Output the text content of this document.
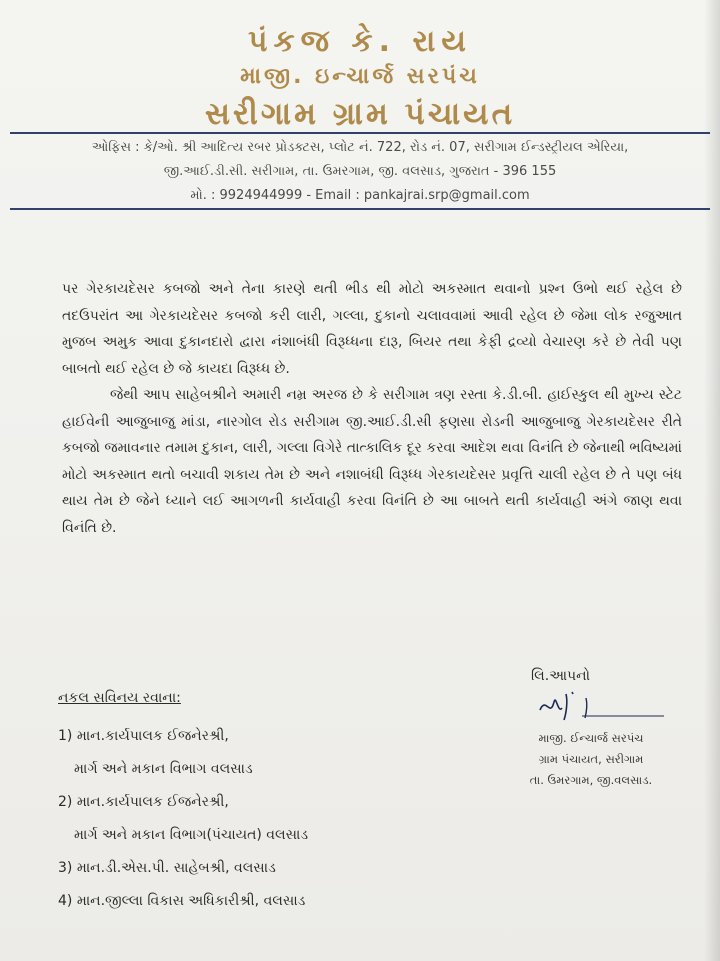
પંકજ કે. રાય
માજી. ઇન્ચાર્જ સરપંચ
સરીગામ ગ્રામ પંચાયત
ઓફિસ : કે/ઓ. શ્રી આદિત્ય રબર પ્રોડક્ટસ, પ્લોટ નં. 722, રોડ નં. 07, સરીગામ ઈન્ડસ્ટ્રીયલ એરિયા,
જી.આઈ.ડી.સી. સરીગામ, તા. ઉમરગામ, જી. વલસાડ, ગુજરાત - 396 155
મો. : 9924944999 - Email : pankajrai.srp@gmail.com

પર ગેરકાયદેસર કબજો અને તેના કારણે થતી ભીડ થી મોટો અકસ્માત થવાનો પ્રશ્ન ઉભો થઈ રહેલ છે તદઉપરાંત આ ગેરકાયદેસર કબજો કરી લારી, ગલ્લા, દુકાનો ચલાવવામાં આવી રહેલ છે જેમા લોક રજુઆત મુજબ અમુક આવા દુકાનદારો દ્વારા નંશાબંધી વિરૂધ્ધના દારૂ, બિયર તથા કેફી દ્રવ્યો વેચારણ કરે છે તેવી પણ બાબતો થઈ રહેલ છે જે કાયદા વિરૂધ્ધ છે.

જેથી આપ સાહેબશ્રીને અમારી નમ્ર અરજ છે કે સરીગામ ત્રણ રસ્તા કે.ડી.બી. હાઈસ્કુલ થી મુખ્ય સ્ટેટ હાઈવેની આજુબાજુ માંડા, નારગોલ રોડ સરીગામ જી.આઈ.ડી.સી ફણસા રોડની આજુબાજુ ગેરકાયદેસર રીતે કબજો જમાવનાર તમામ દુકાન, લારી, ગલ્લા વિગેરે તાત્કાલિક દૂર કરવા આદેશ થવા વિનંતિ છે જેનાથી ભવિષ્યમાં મોટો અકસ્માત થતો બચાવી શકાય તેમ છે અને નશાબંધી વિરૂધ્ધ ગેરકાયદેસર પ્રવૃત્તિ ચાલી રહેલ છે તે પણ બંધ થાય તેમ છે જેને ધ્યાને લઈ આગળની કાર્યવાહી કરવા વિનંતિ છે આ બાબતે થતી કાર્યવાહી અંગે જાણ થવા વિનંતિ છે.

લિ.આપનો
માજી. ઈન્ચાર્જ સરપંચ
ગ્રામ પંચાયત, સરીગામ
તા. ઉમરગામ, જી.વલસાડ.
નકલ સવિનય રવાના:
1) માન.કાર્યપાલક ઈજનેરશ્રી,
માર્ગ અને મકાન વિભાગ વલસાડ
2) માન.કાર્યપાલક ઈજનેરશ્રી,
માર્ગ અને મકાન વિભાગ(પંચાયત) વલસાડ
3) માન.ડી.એસ.પી. સાહેબશ્રી, વલસાડ
4) માન.જીલ્લા વિકાસ અધિકારીશ્રી, વલસાડ
